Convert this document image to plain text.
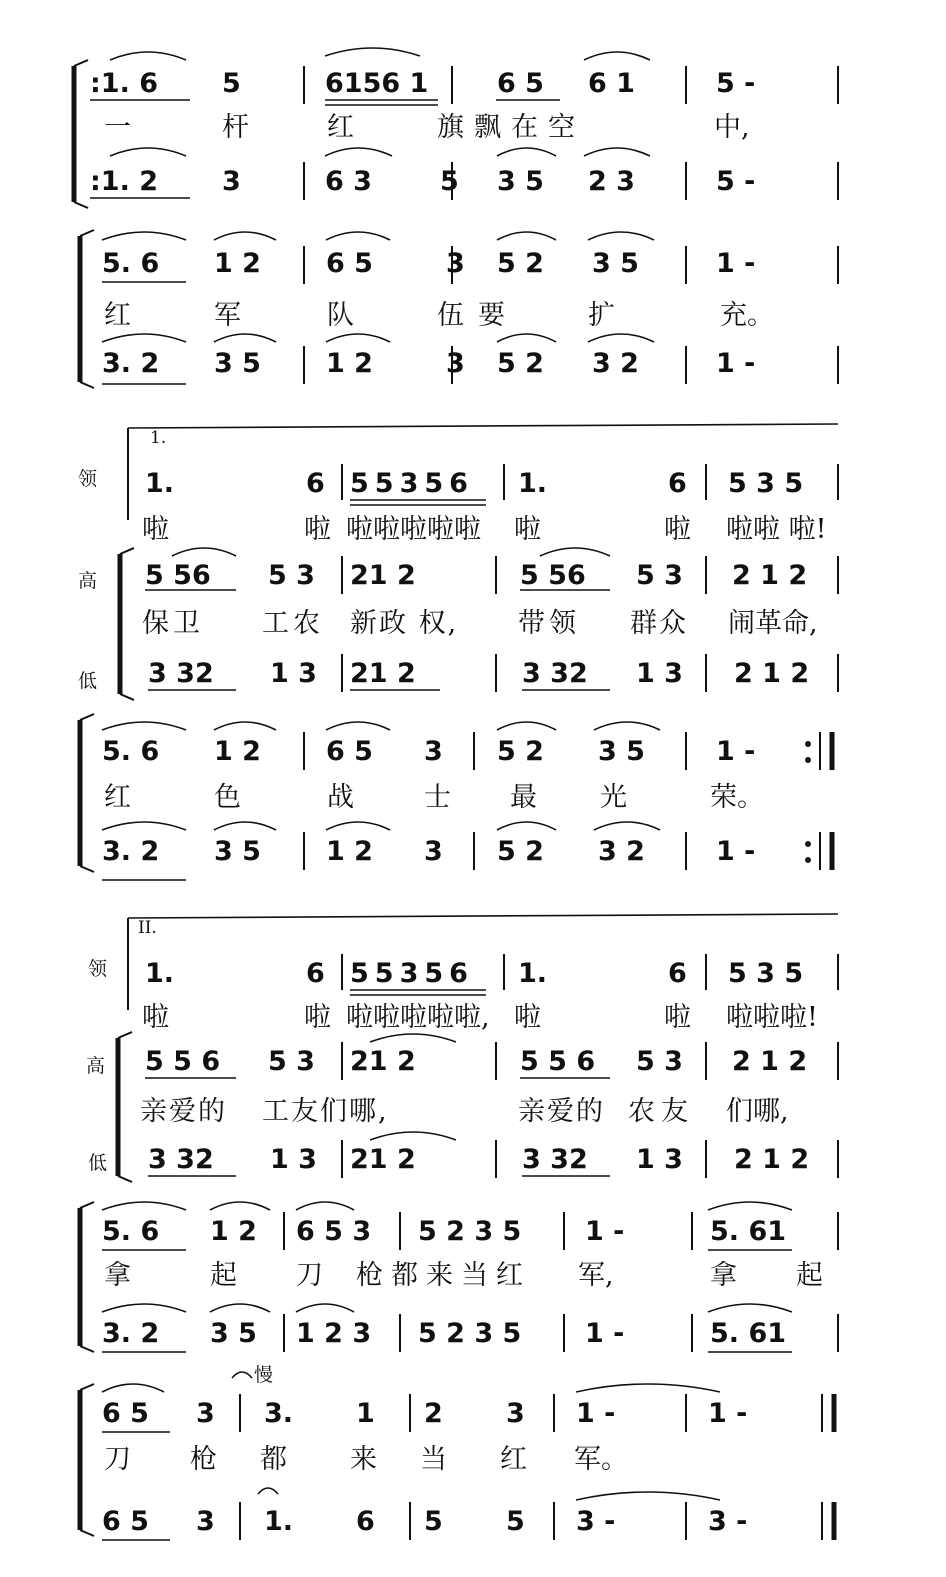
:1. 6 5	6156 1	6 5 6 1	5 -
一	杆	红	旗飘在空	中,
:1. 2 3	6 3	5 3 5 2 3	5 -
5. 6 1 2 6 5	3 5 2 3 5	1 -
红	军	队	伍要	扩	充。
3. 2 3 5 1 2	3 5 2 3 2	1 -
1.
领
高
低
1.	6 55356 1.	6 5 3 5
啦	啦 啦啦啦啦啦 啦	啦 啦啦 啦!
5 56 5 3 21 2	5 56 5 3 2 1 2
保卫 工农 新政 权, 带领 群众 闹革命,
3 32 1 3 21 2	3 32 1 3 2 1 2
5. 6 1 2 6 5 3 5 2 3 5	1 -
红	色	战	士 最 光	荣。
3. 2 3 5 1 2 3 5 2 3 2	1 -
II.
领
高
低
1.	6 55356 1.	6 5 3 5
啦	啦 啦啦啦啦啦, 啦	啦 啦啦啦!
5 5 6 5 3 21 2	5 5 6 5 3 2 1 2
亲爱的 工友们哪,	亲爱的 农友 们哪,
3 32 1 3 21 2	3 32 1 3 2 1 2
5. 6 1 2 6 5 3 5 2 3 5 1 -	5. 61
拿	起 刀 枪都来当红 军,	拿 起
3. 2 3 5 1 2 3 5 2 3 5 1 -	5. 61
慢
6 5 3 3. 1 2 3 1 -	1 -
刀 枪 都 来 当 红 军。
6 5 3 1. 6 5 5 3 -	3 -
